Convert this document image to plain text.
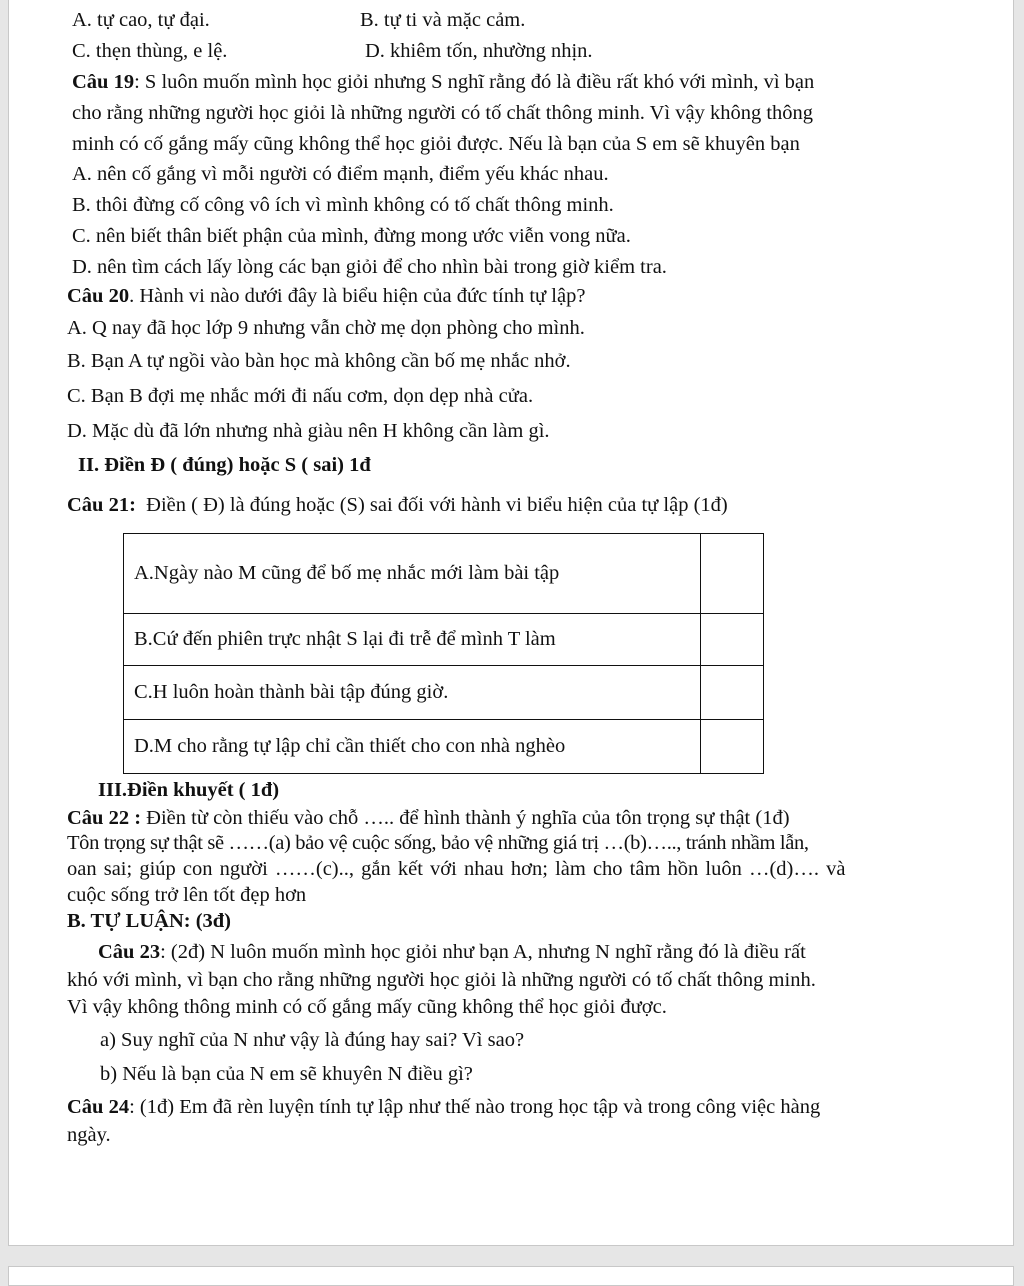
A. tự cao, tự đại.	B. tự ti và mặc cảm.
C. thẹn thùng, e lệ.	D. khiêm tốn, nhường nhịn.
Câu 19: S luôn muốn mình học giỏi nhưng S nghĩ rằng đó là điều rất khó với mình, vì bạn
cho rằng những người học giỏi là những người có tố chất thông minh. Vì vậy không thông
minh có cố gắng mấy cũng không thể học giỏi được. Nếu là bạn của S em sẽ khuyên bạn
A. nên cố gắng vì mỗi người có điểm mạnh, điểm yếu khác nhau.
B. thôi đừng cố công vô ích vì mình không có tố chất thông minh.
C. nên biết thân biết phận của mình, đừng mong ước viễn vong nữa.
D. nên tìm cách lấy lòng các bạn giỏi để cho nhìn bài trong giờ kiểm tra.
Câu 20. Hành vi nào dưới đây là biểu hiện của đức tính tự lập?
A. Q nay đã học lớp 9 nhưng vẫn chờ mẹ dọn phòng cho mình.
B. Bạn A tự ngồi vào bàn học mà không cần bố mẹ nhắc nhở.
C. Bạn B đợi mẹ nhắc mới đi nấu cơm, dọn dẹp nhà cửa.
D. Mặc dù đã lớn nhưng nhà giàu nên H không cần làm gì.
II. Điền Đ ( đúng) hoặc S ( sai) 1đ
Câu 21: Điền ( Đ) là đúng hoặc (S) sai đối với hành vi biểu hiện của tự lập (1đ)
A.Ngày nào M cũng để bố mẹ nhắc mới làm bài tập	
B.Cứ đến phiên trực nhật S lại đi trễ để mình T làm	
C.H luôn hoàn thành bài tập đúng giờ.	
D.M cho rằng tự lập chỉ cần thiết cho con nhà nghèo	
III.Điền khuyết ( 1đ)
Câu 22 : Điền từ còn thiếu vào chỗ ….. để hình thành ý nghĩa của tôn trọng sự thật (1đ)
Tôn trọng sự thật sẽ ……(a) bảo vệ cuộc sống, bảo vệ những giá trị …(b)….., tránh nhầm lẫn,
oan sai; giúp con người ……(c).., gắn kết với nhau hơn; làm cho tâm hồn luôn …(d)…. và
cuộc sống trở lên tốt đẹp hơn
B. TỰ LUẬN: (3đ)
Câu 23: (2đ) N luôn muốn mình học giỏi như bạn A, nhưng N nghĩ rằng đó là điều rất
khó với mình, vì bạn cho rằng những người học giỏi là những người có tố chất thông minh.
Vì vậy không thông minh có cố gắng mấy cũng không thể học giỏi được.
a) Suy nghĩ của N như vậy là đúng hay sai? Vì sao?
b) Nếu là bạn của N em sẽ khuyên N điều gì?
Câu 24: (1đ) Em đã rèn luyện tính tự lập như thế nào trong học tập và trong công việc hàng
ngày.
